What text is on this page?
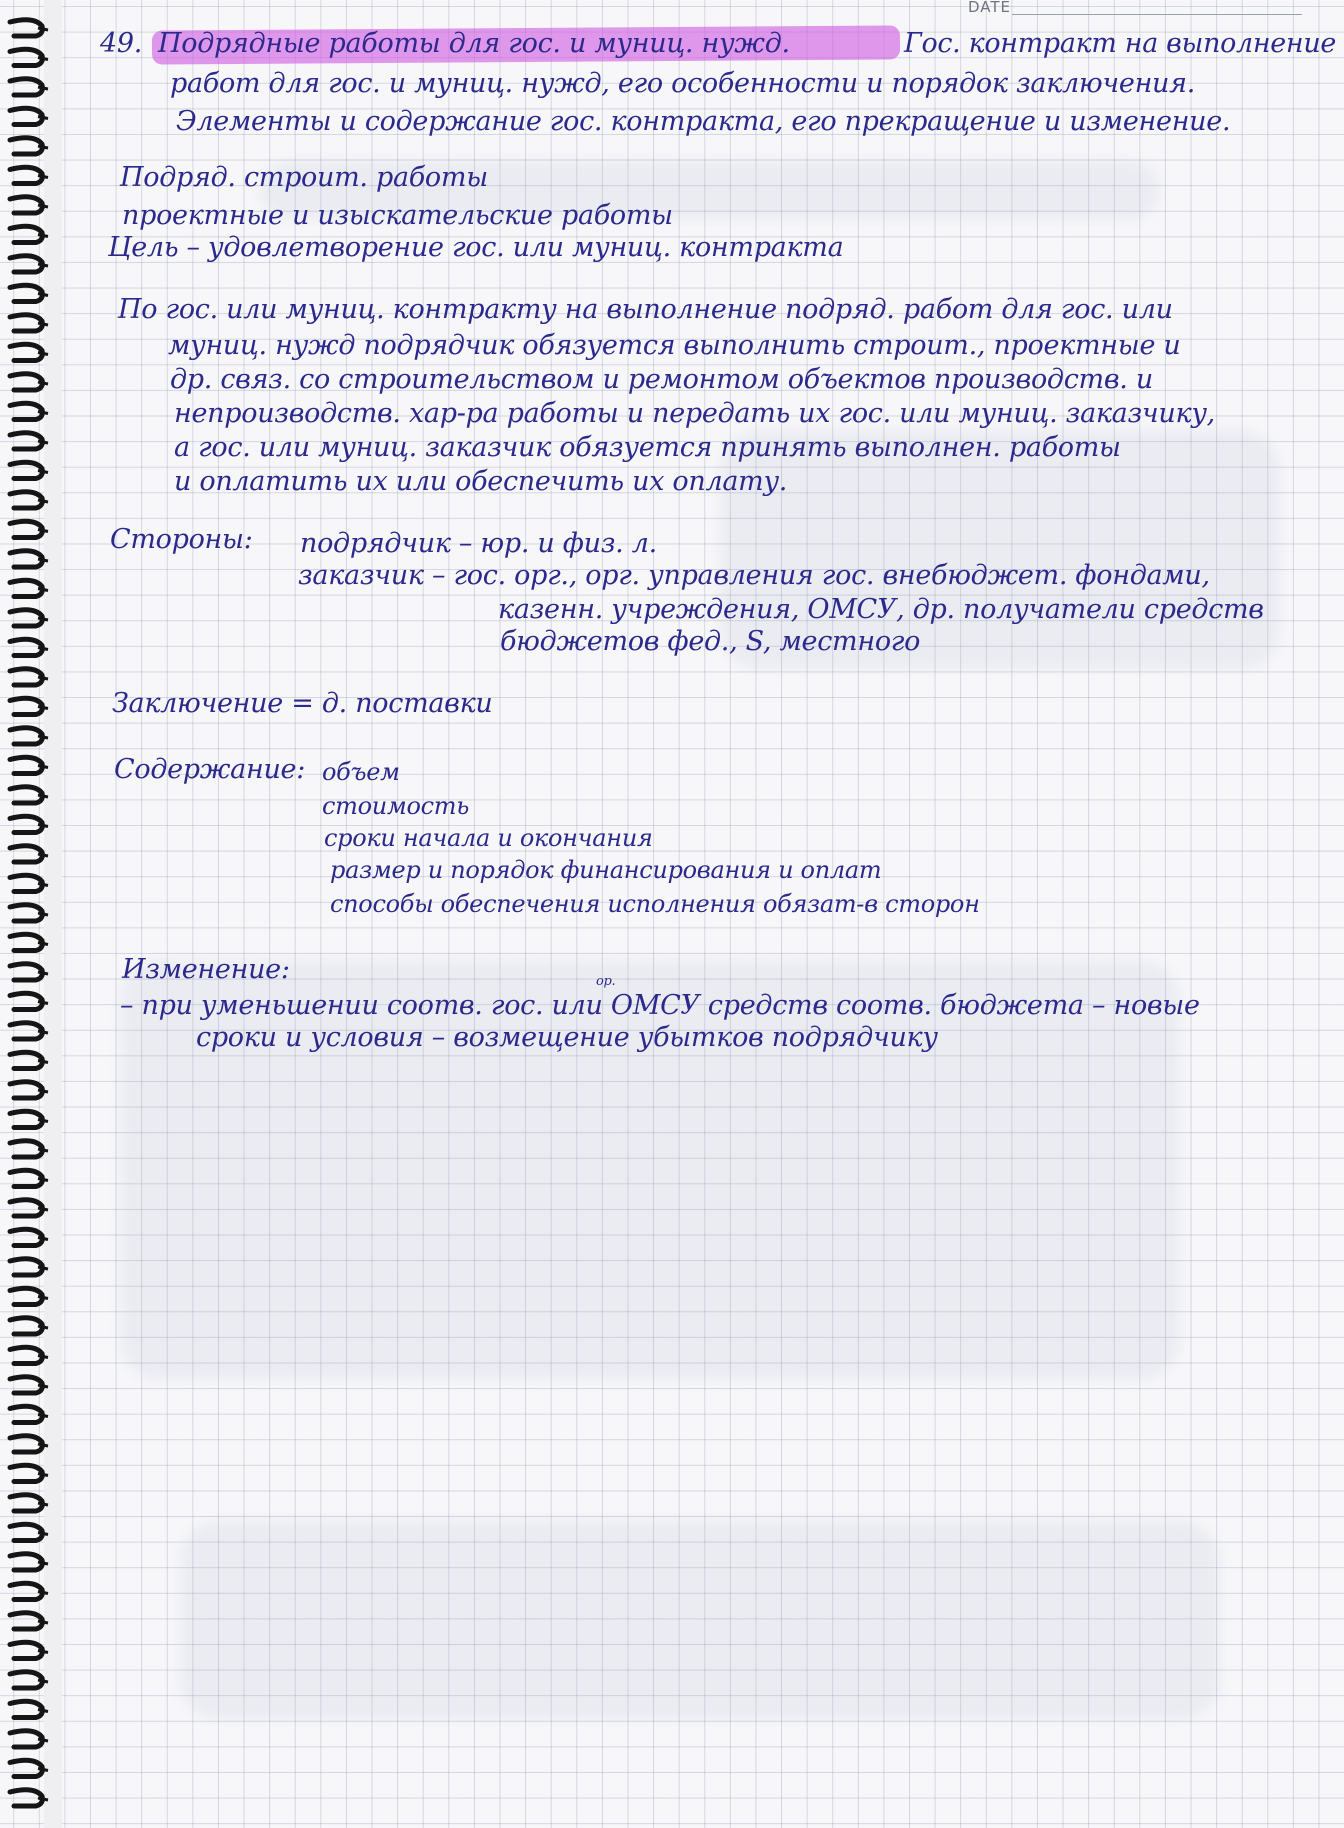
DATE
49. Подрядные работы для гос. и муниц. нужд.	Гос. контракт на выполнение
работ для гос. и муниц. нужд, его особенности и порядок заключения.
Элементы и содержание гос. контракта, его прекращение и изменение.
Подряд. строит. работы
проектные и изыскательские работы
Цель – удовлетворение гос. или муниц. контракта
По гос. или муниц. контракту на выполнение подряд. работ для гос. или
муниц. нужд подрядчик обязуется выполнить строит., проектные и
др. связ. со строительством и ремонтом объектов производств. и
непроизводств. хар-ра работы и передать их гос. или муниц. заказчику,
а гос. или муниц. заказчик обязуется принять выполнен. работы
и оплатить их или обеспечить их оплату.
Стороны: подрядчик – юр. и физ. л.
заказчик – гос. орг., орг. управления гос. внебюджет. фондами,
казенн. учреждения, ОМСУ, др. получатели средств
бюджетов фед., S, местного
Заключение = д. поставки
Содержание: объем
стоимость
сроки начала и окончания
размер и порядок финансирования и оплат
способы обеспечения исполнения обязат-в сторон
Изменение:	ор.
– при уменьшении соотв. гос. или ОМСУ средств соотв. бюджета – новые
сроки и условия – возмещение убытков подрядчику
